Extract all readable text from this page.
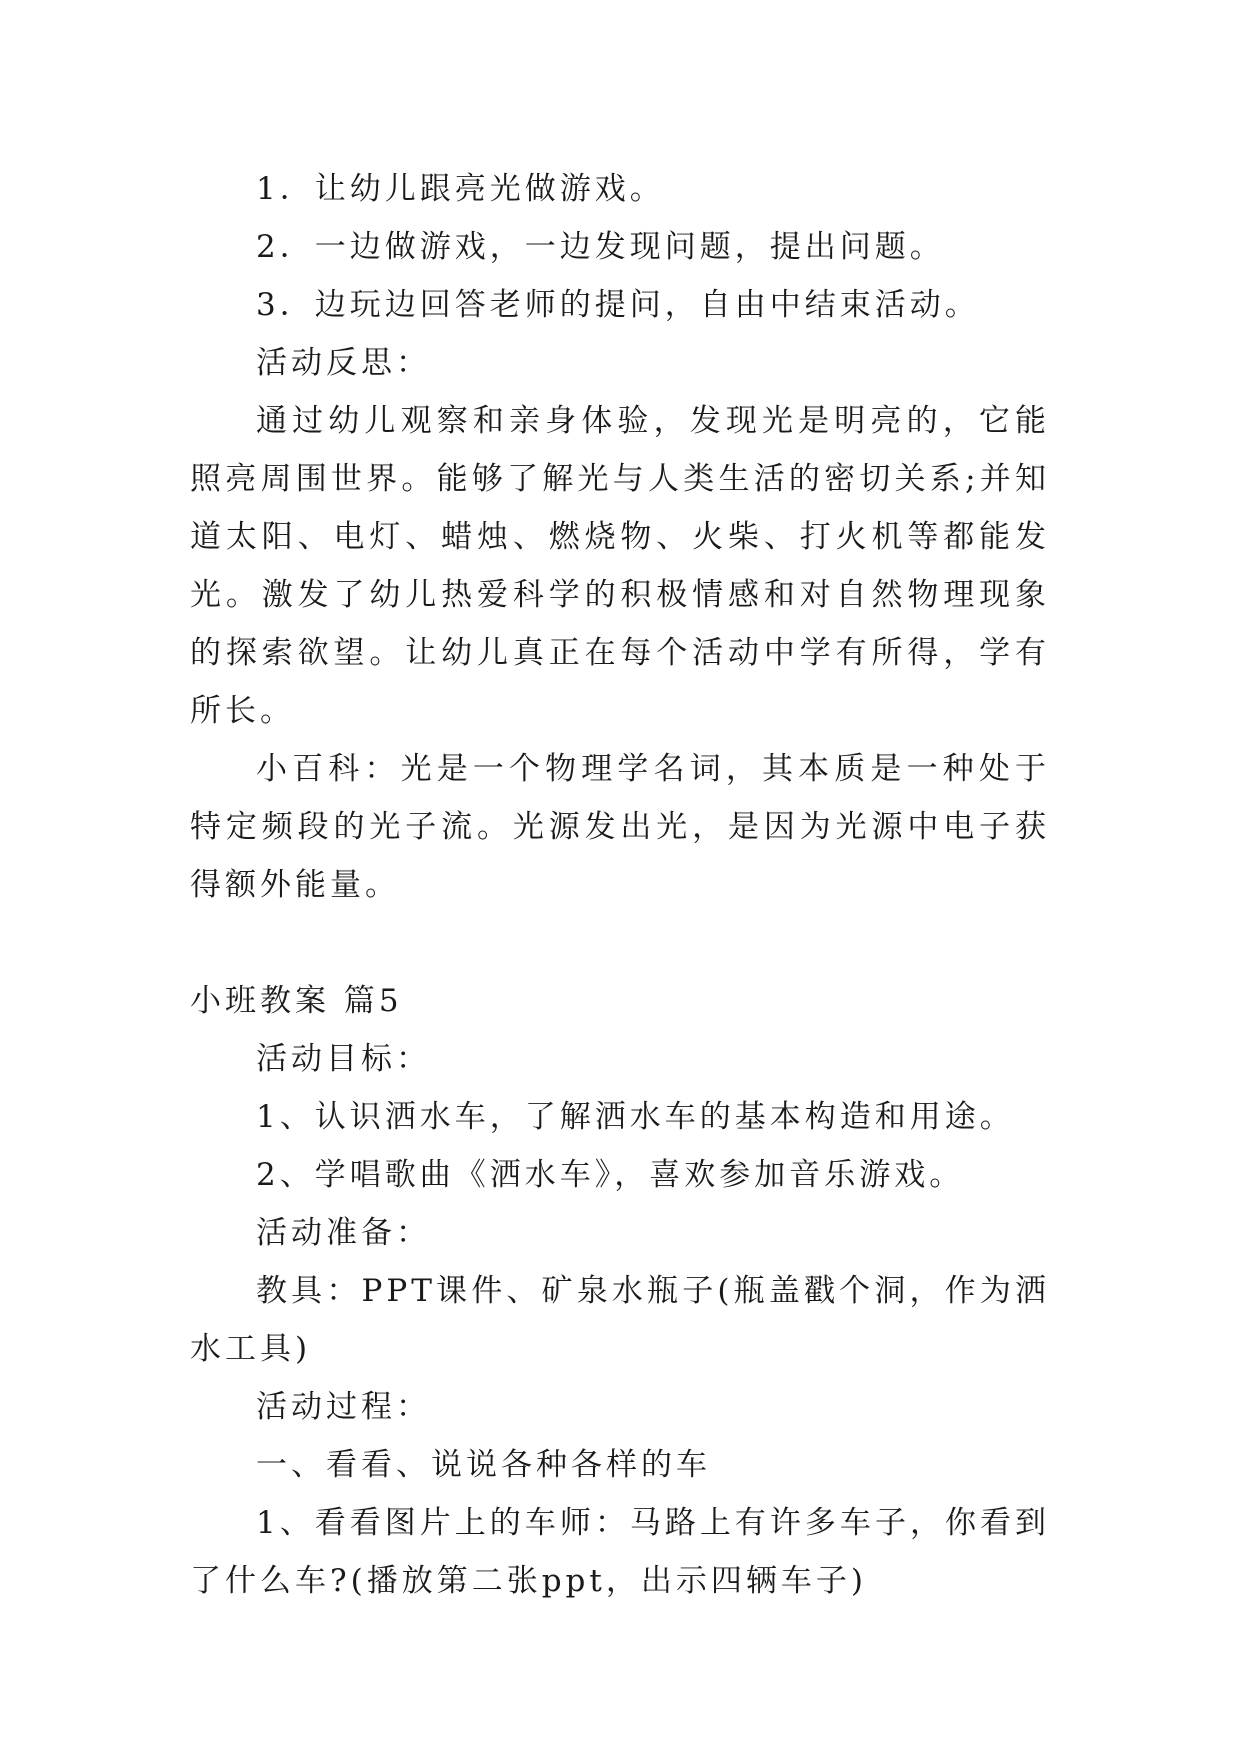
1．让幼儿跟亮光做游戏。

2．一边做游戏，一边发现问题，提出问题。

3．边玩边回答老师的提问，自由中结束活动。

活动反思：

通过幼儿观察和亲身体验，发现光是明亮的，它能照亮周围世界。能够了解光与人类生活的密切关系;并知道太阳、电灯、蜡烛、燃烧物、火柴、打火机等都能发光。激发了幼儿热爱科学的积极情感和对自然物理现象的探索欲望。让幼儿真正在每个活动中学有所得，学有所长。

小百科：光是一个物理学名词，其本质是一种处于特定频段的光子流。光源发出光，是因为光源中电子获得额外能量。

小班教案 篇5

活动目标：

1、认识洒水车，了解洒水车的基本构造和用途。

2、学唱歌曲《洒水车》，喜欢参加音乐游戏。

活动准备：

教具：PPT课件、矿泉水瓶子(瓶盖戳个洞，作为洒水工具)

活动过程：

一、看看、说说各种各样的车

1、看看图片上的车师：马路上有许多车子，你看到了什么车?(播放第二张ppt，出示四辆车子)
